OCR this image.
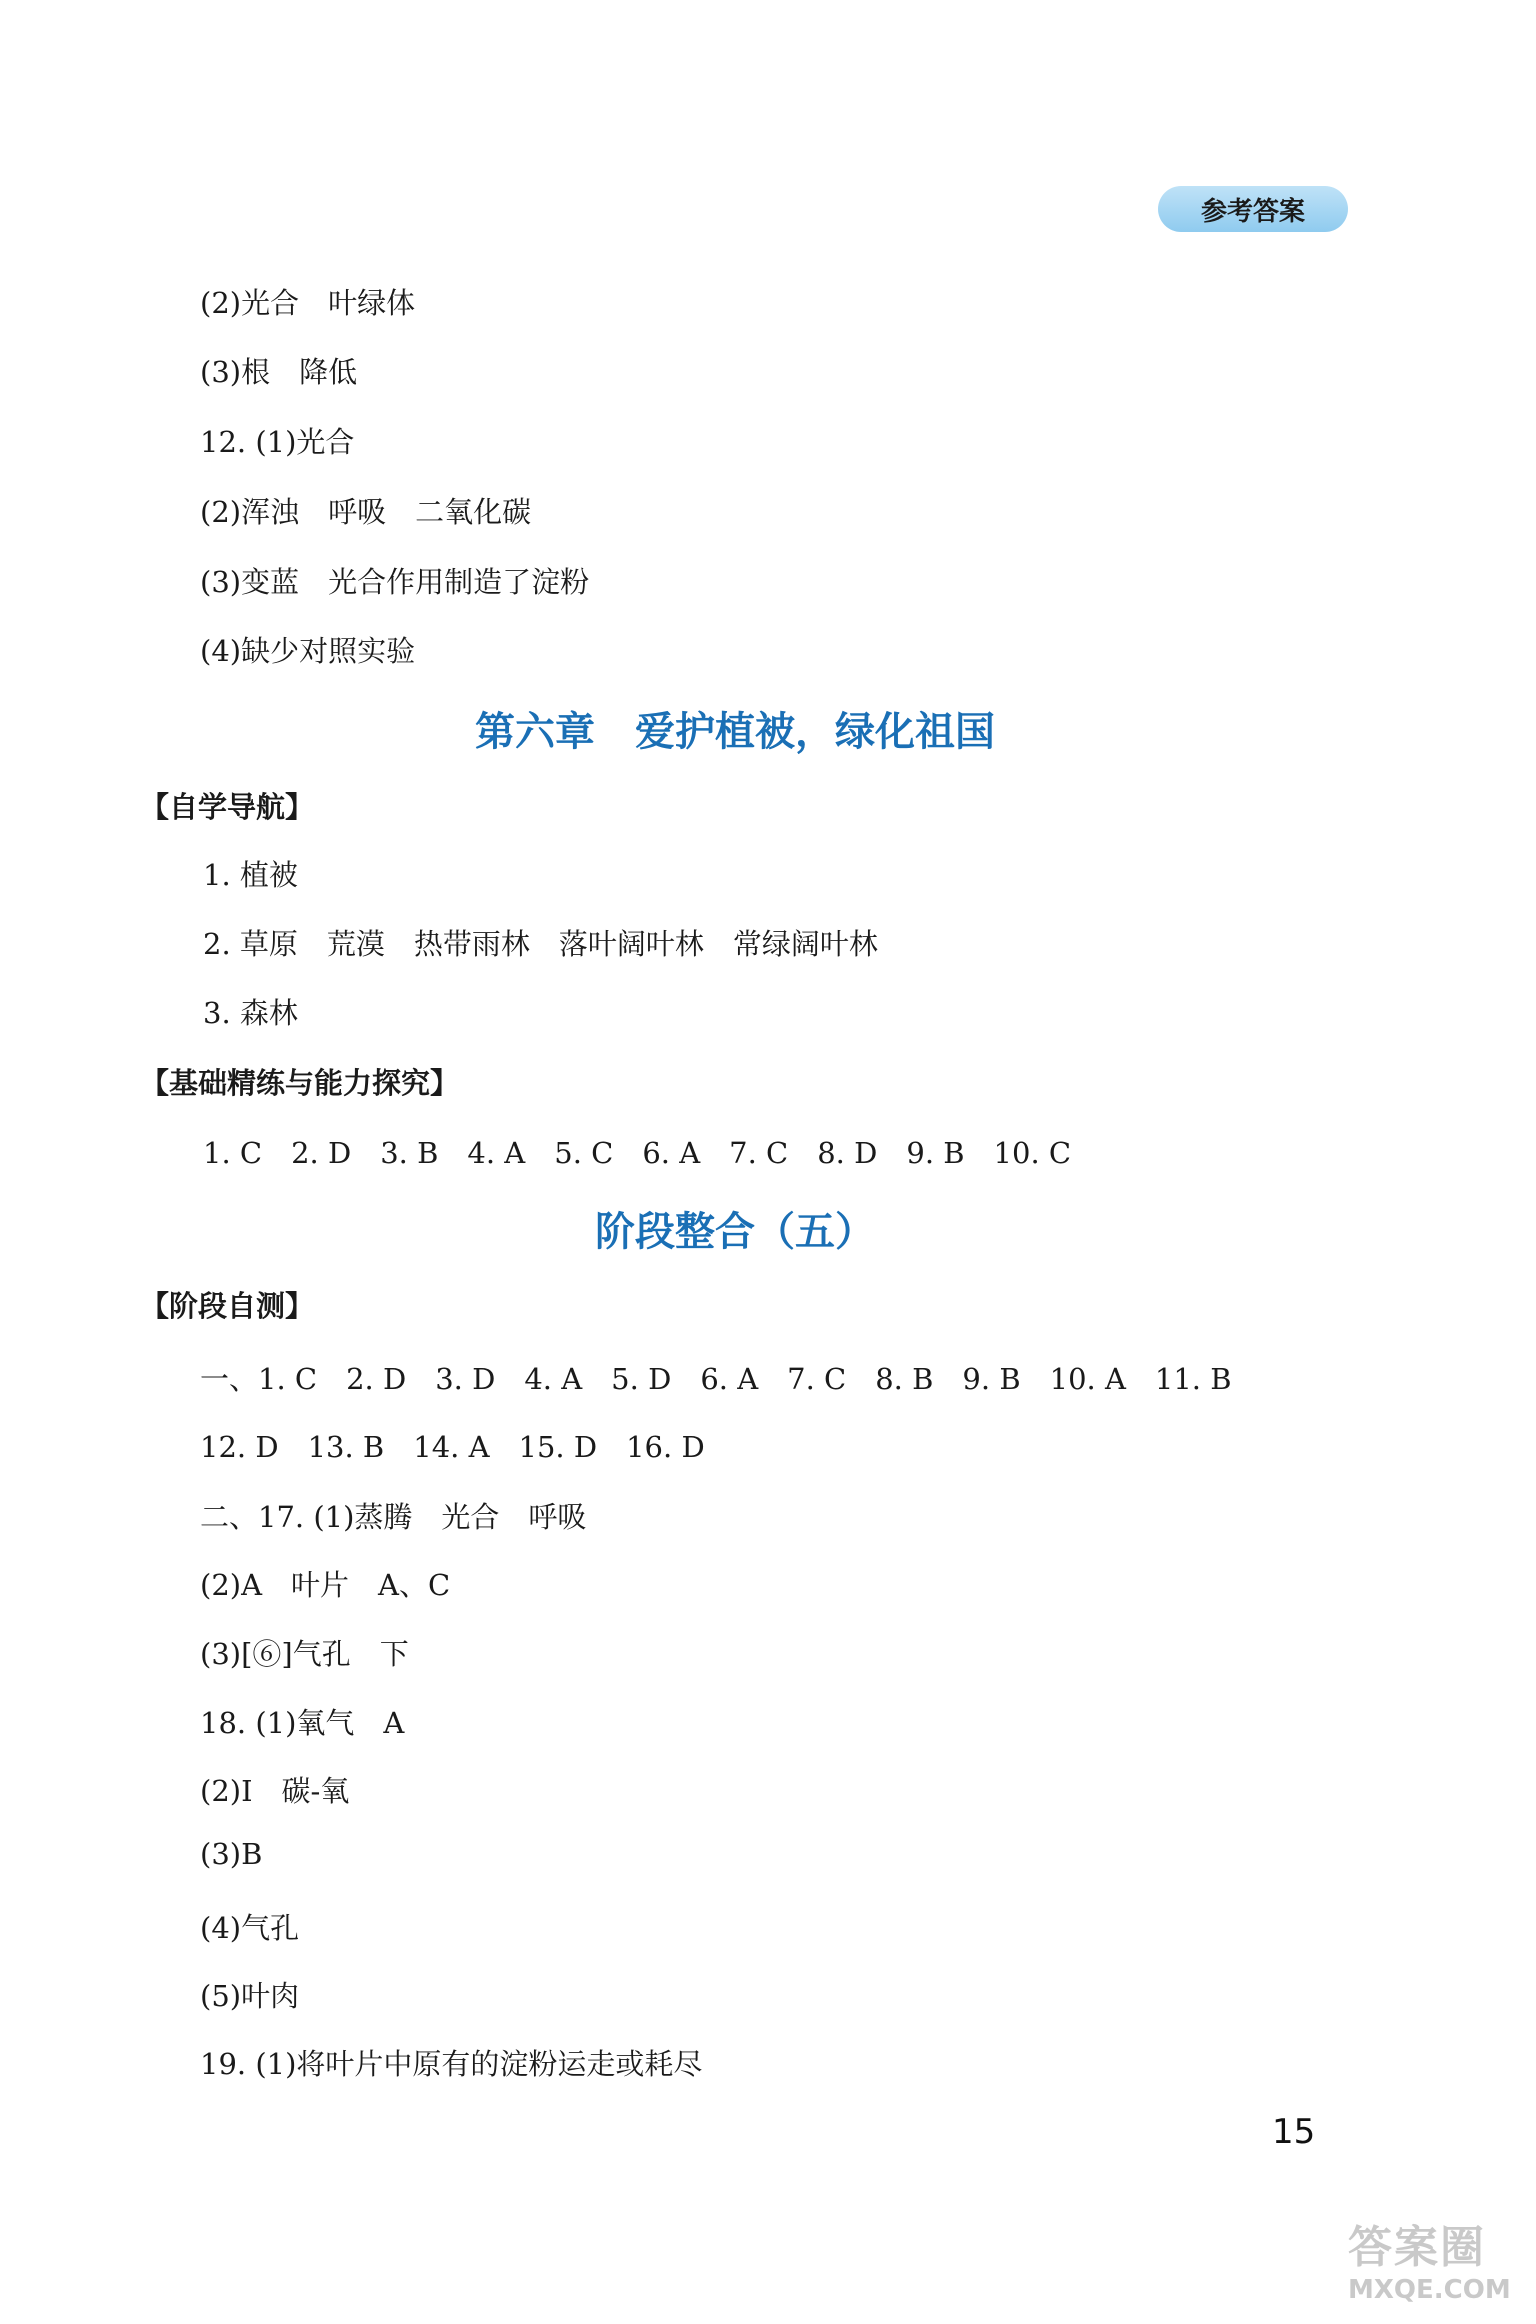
参考答案
(2)光合　叶绿体
(3)根　降低
12. (1)光合
(2)浑浊　呼吸　二氧化碳
(3)变蓝　光合作用制造了淀粉
(4)缺少对照实验
第六章　爱护植被，绿化祖国
【自学导航】
1. 植被
2. 草原　荒漠　热带雨林　落叶阔叶林　常绿阔叶林
3. 森林
【基础精练与能力探究】
1. C　2. D　3. B　4. A　5. C　6. A　7. C　8. D　9. B　10. C
阶段整合（五）
【阶段自测】
一、1. C　2. D　3. D　4. A　5. D　6. A　7. C　8. B　9. B　10. A　11. B
12. D　13. B　14. A　15. D　16. D
二、17. (1)蒸腾　光合　呼吸
(2)A　叶片　A、C
(3)[⑥]气孔　下
18. (1)氧气　A
(2)Ⅰ　碳-氧
(3)B
(4)气孔
(5)叶肉
19. (1)将叶片中原有的淀粉运走或耗尽
15
答案圈
MXQE.COM
